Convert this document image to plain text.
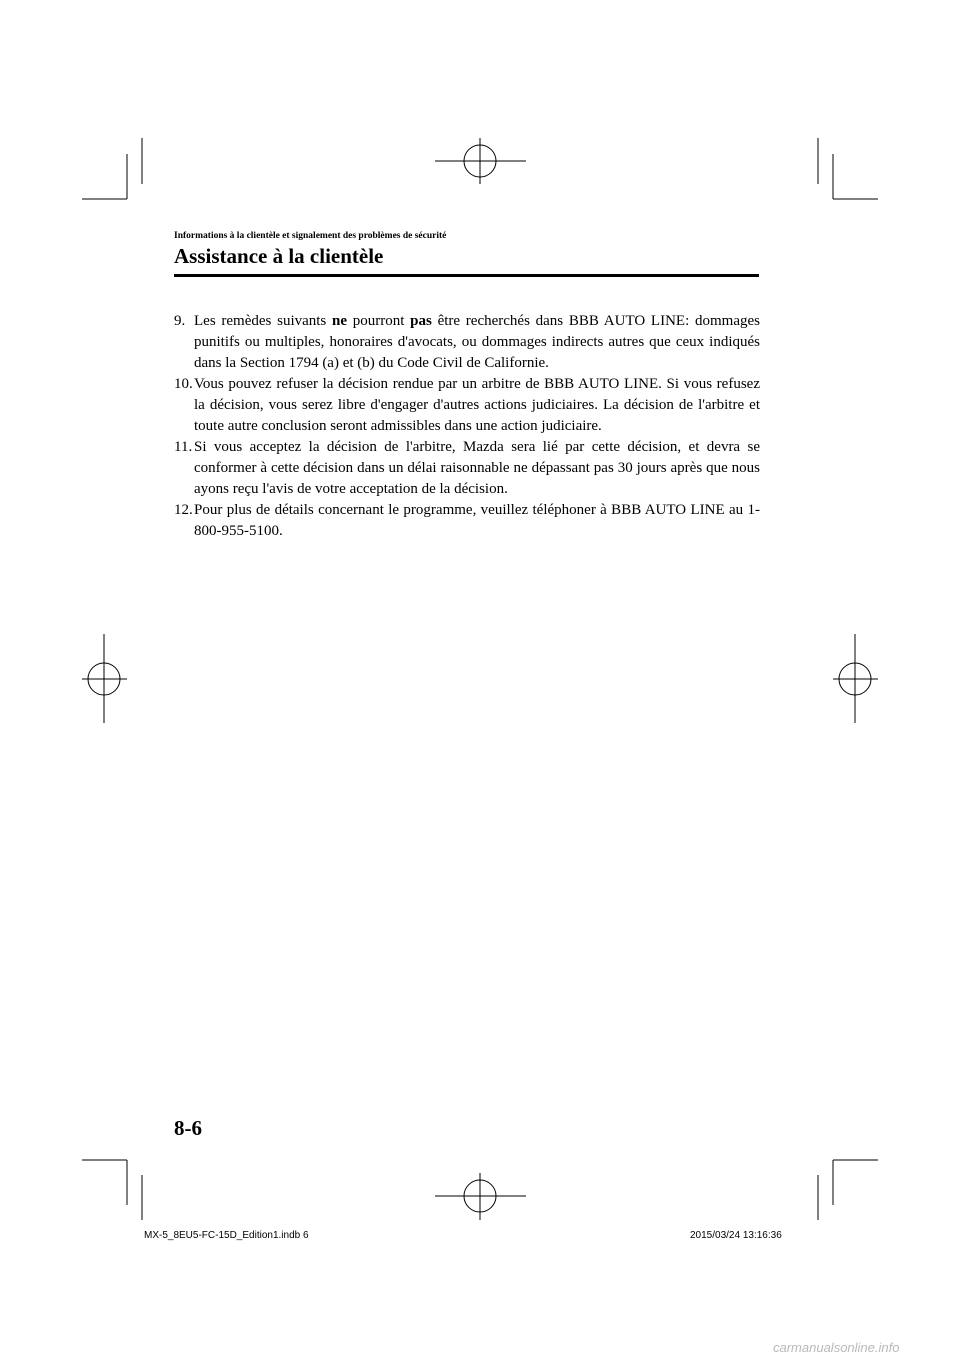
Informations à la clientèle et signalement des problèmes de sécurité
Assistance à la clientèle
9. Les remèdes suivants ne pourront pas être recherchés dans BBB AUTO LINE: dommages punitifs ou multiples, honoraires d'avocats, ou dommages indirects autres que ceux indiqués dans la Section 1794 (a) et (b) du Code Civil de Californie.
10. Vous pouvez refuser la décision rendue par un arbitre de BBB AUTO LINE. Si vous refusez la décision, vous serez libre d'engager d'autres actions judiciaires. La décision de l'arbitre et toute autre conclusion seront admissibles dans une action judiciaire.
11. Si vous acceptez la décision de l'arbitre, Mazda sera lié par cette décision, et devra se conformer à cette décision dans un délai raisonnable ne dépassant pas 30 jours après que nous ayons reçu l'avis de votre acceptation de la décision.
12. Pour plus de détails concernant le programme, veuillez téléphoner à BBB AUTO LINE au 1-800-955-5100.
8-6
MX-5_8EU5-FC-15D_Edition1.indb 6	2015/03/24 13:16:36
carmanualsonline.info
